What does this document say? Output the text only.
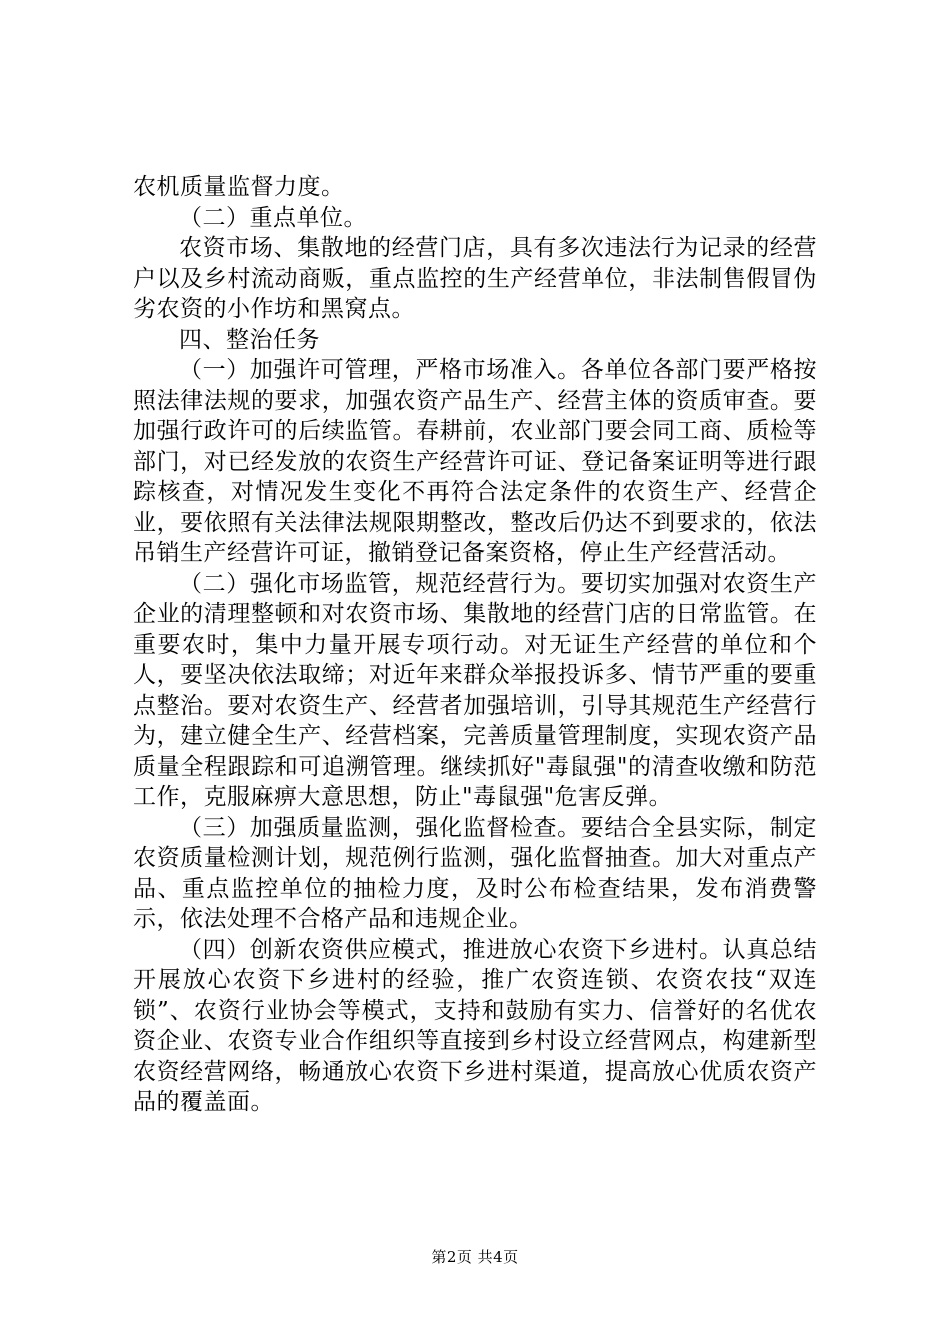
农机质量监督力度。

（二）重点单位。

农资市场、集散地的经营门店，具有多次违法行为记录的经营户以及乡村流动商贩，重点监控的生产经营单位，非法制售假冒伪劣农资的小作坊和黑窝点。

四、整治任务

（一）加强许可管理，严格市场准入。各单位各部门要严格按照法律法规的要求，加强农资产品生产、经营主体的资质审查。要加强行政许可的后续监管。春耕前，农业部门要会同工商、质检等部门，对已经发放的农资生产经营许可证、登记备案证明等进行跟踪核查，对情况发生变化不再符合法定条件的农资生产、经营企业，要依照有关法律法规限期整改，整改后仍达不到要求的，依法吊销生产经营许可证，撤销登记备案资格，停止生产经营活动。

（二）强化市场监管，规范经营行为。要切实加强对农资生产企业的清理整顿和对农资市场、集散地的经营门店的日常监管。在重要农时，集中力量开展专项行动。对无证生产经营的单位和个人，要坚决依法取缔；对近年来群众举报投诉多、情节严重的要重点整治。要对农资生产、经营者加强培训，引导其规范生产经营行为，建立健全生产、经营档案，完善质量管理制度，实现农资产品质量全程跟踪和可追溯管理。继续抓好"毒鼠强"的清查收缴和防范工作，克服麻痹大意思想，防止"毒鼠强"危害反弹。

（三）加强质量监测，强化监督检查。要结合全县实际，制定农资质量检测计划，规范例行监测，强化监督抽查。加大对重点产品、重点监控单位的抽检力度，及时公布检查结果，发布消费警示，依法处理不合格产品和违规企业。

（四）创新农资供应模式，推进放心农资下乡进村。认真总结开展放心农资下乡进村的经验，推广农资连锁、农资农技“双连锁”、农资行业协会等模式，支持和鼓励有实力、信誉好的名优农资企业、农资专业合作组织等直接到乡村设立经营网点，构建新型农资经营网络，畅通放心农资下乡进村渠道，提高放心优质农资产品的覆盖面。

第2页 共4页
